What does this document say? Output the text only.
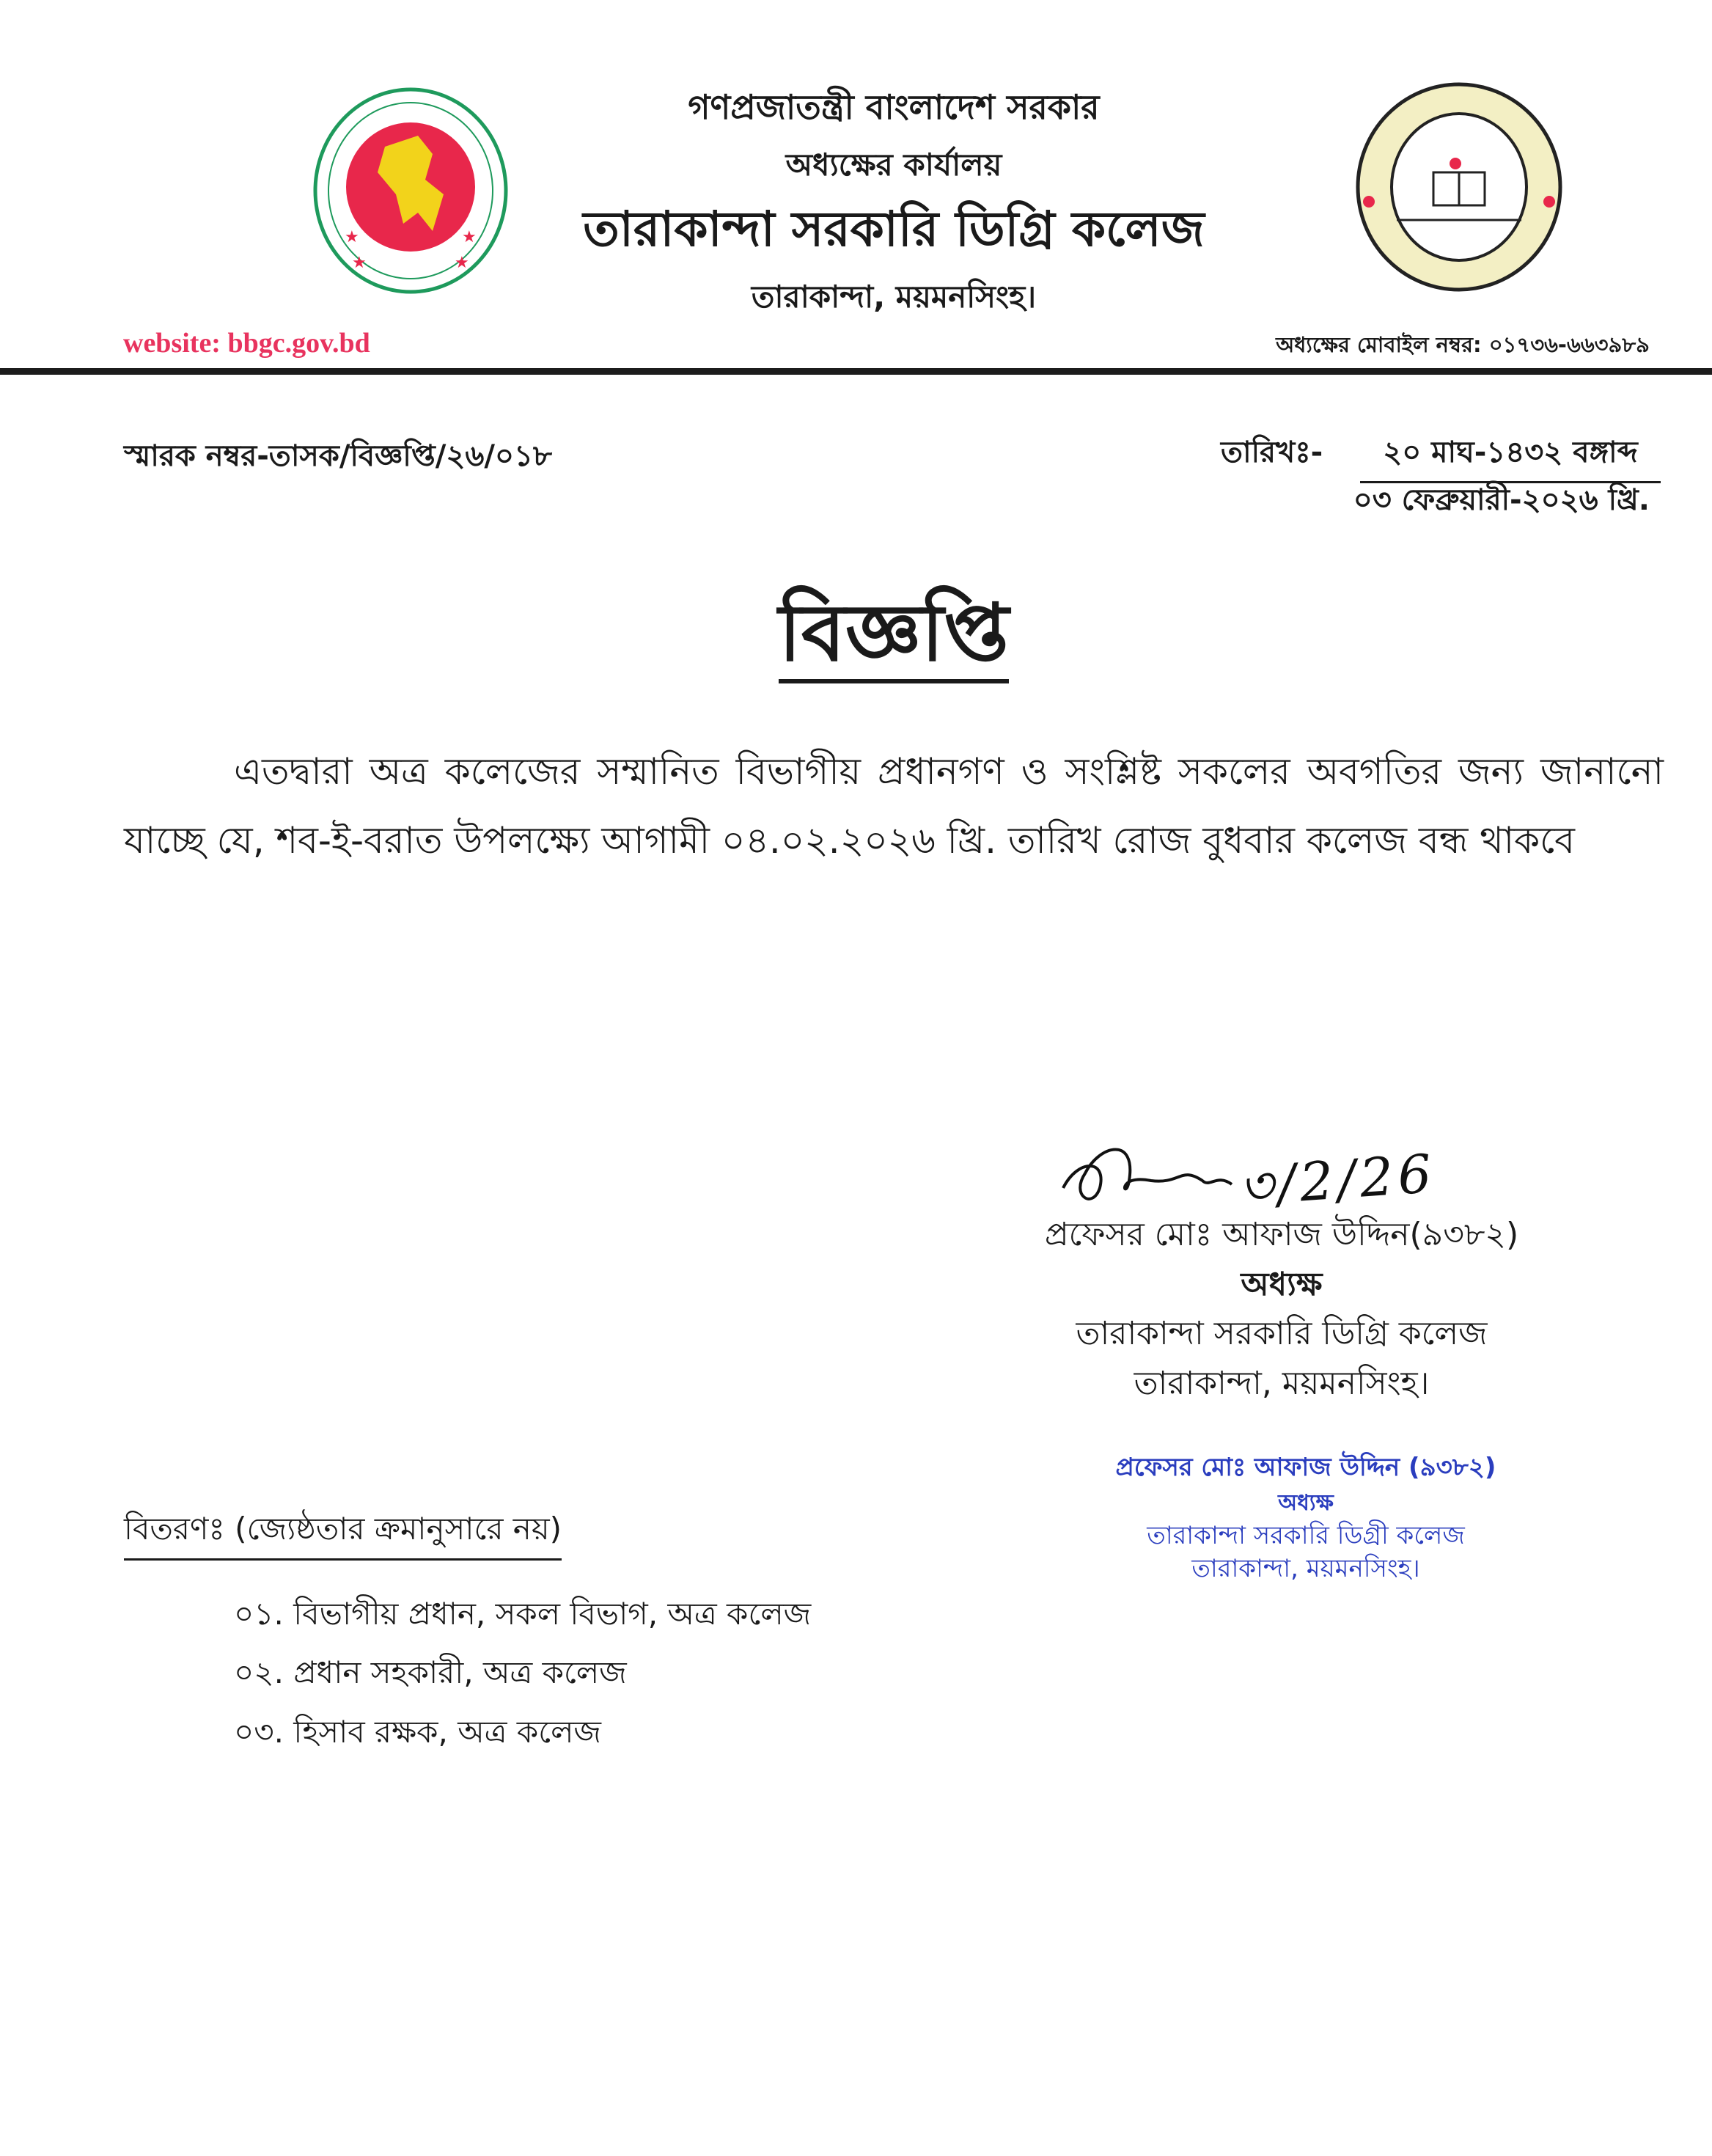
★	★
★	★
গণপ্রজাতন্ত্রী বাংলাদেশ সরকার
অধ্যক্ষের কার্যালয়
তারাকান্দা সরকারি ডিগ্রি কলেজ
তারাকান্দা, ময়মনসিংহ।
website: bbgc.gov.bd	অধ্যক্ষের মোবাইল নম্বর: ০১৭৩৬-৬৬৩৯৮৯
স্মারক নম্বর-তাসক/বিজ্ঞপ্তি/২৬/০১৮	তারিখঃ-	২০ মাঘ-১৪৩২ বঙ্গাব্দ
০৩ ফেব্রুয়ারী-২০২৬ খ্রি.
বিজ্ঞপ্তি
এতদ্বারা অত্র কলেজের সম্মানিত বিভাগীয় প্রধানগণ ও সংশ্লিষ্ট সকলের অবগতির জন্য জানানো যাচ্ছে যে, শব-ই-বরাত উপলক্ষ্যে আগামী ০৪.০২.২০২৬ খ্রি. তারিখ রোজ বুধবার কলেজ বন্ধ থাকবে
৩/2/26
প্রফেসর মোঃ আফাজ উদ্দিন(৯৩৮২)
অধ্যক্ষ
তারাকান্দা সরকারি ডিগ্রি কলেজ
তারাকান্দা, ময়মনসিংহ।
প্রফেসর মোঃ আফাজ উদ্দিন (৯৩৮২)
অধ্যক্ষ
তারাকান্দা সরকারি ডিগ্রী কলেজ
তারাকান্দা, ময়মনসিংহ।
বিতরণঃ (জ্যেষ্ঠতার ক্রমানুসারে নয়)
০১. বিভাগীয় প্রধান, সকল বিভাগ, অত্র কলেজ
০২. প্রধান সহকারী, অত্র কলেজ
০৩. হিসাব রক্ষক, অত্র কলেজ
